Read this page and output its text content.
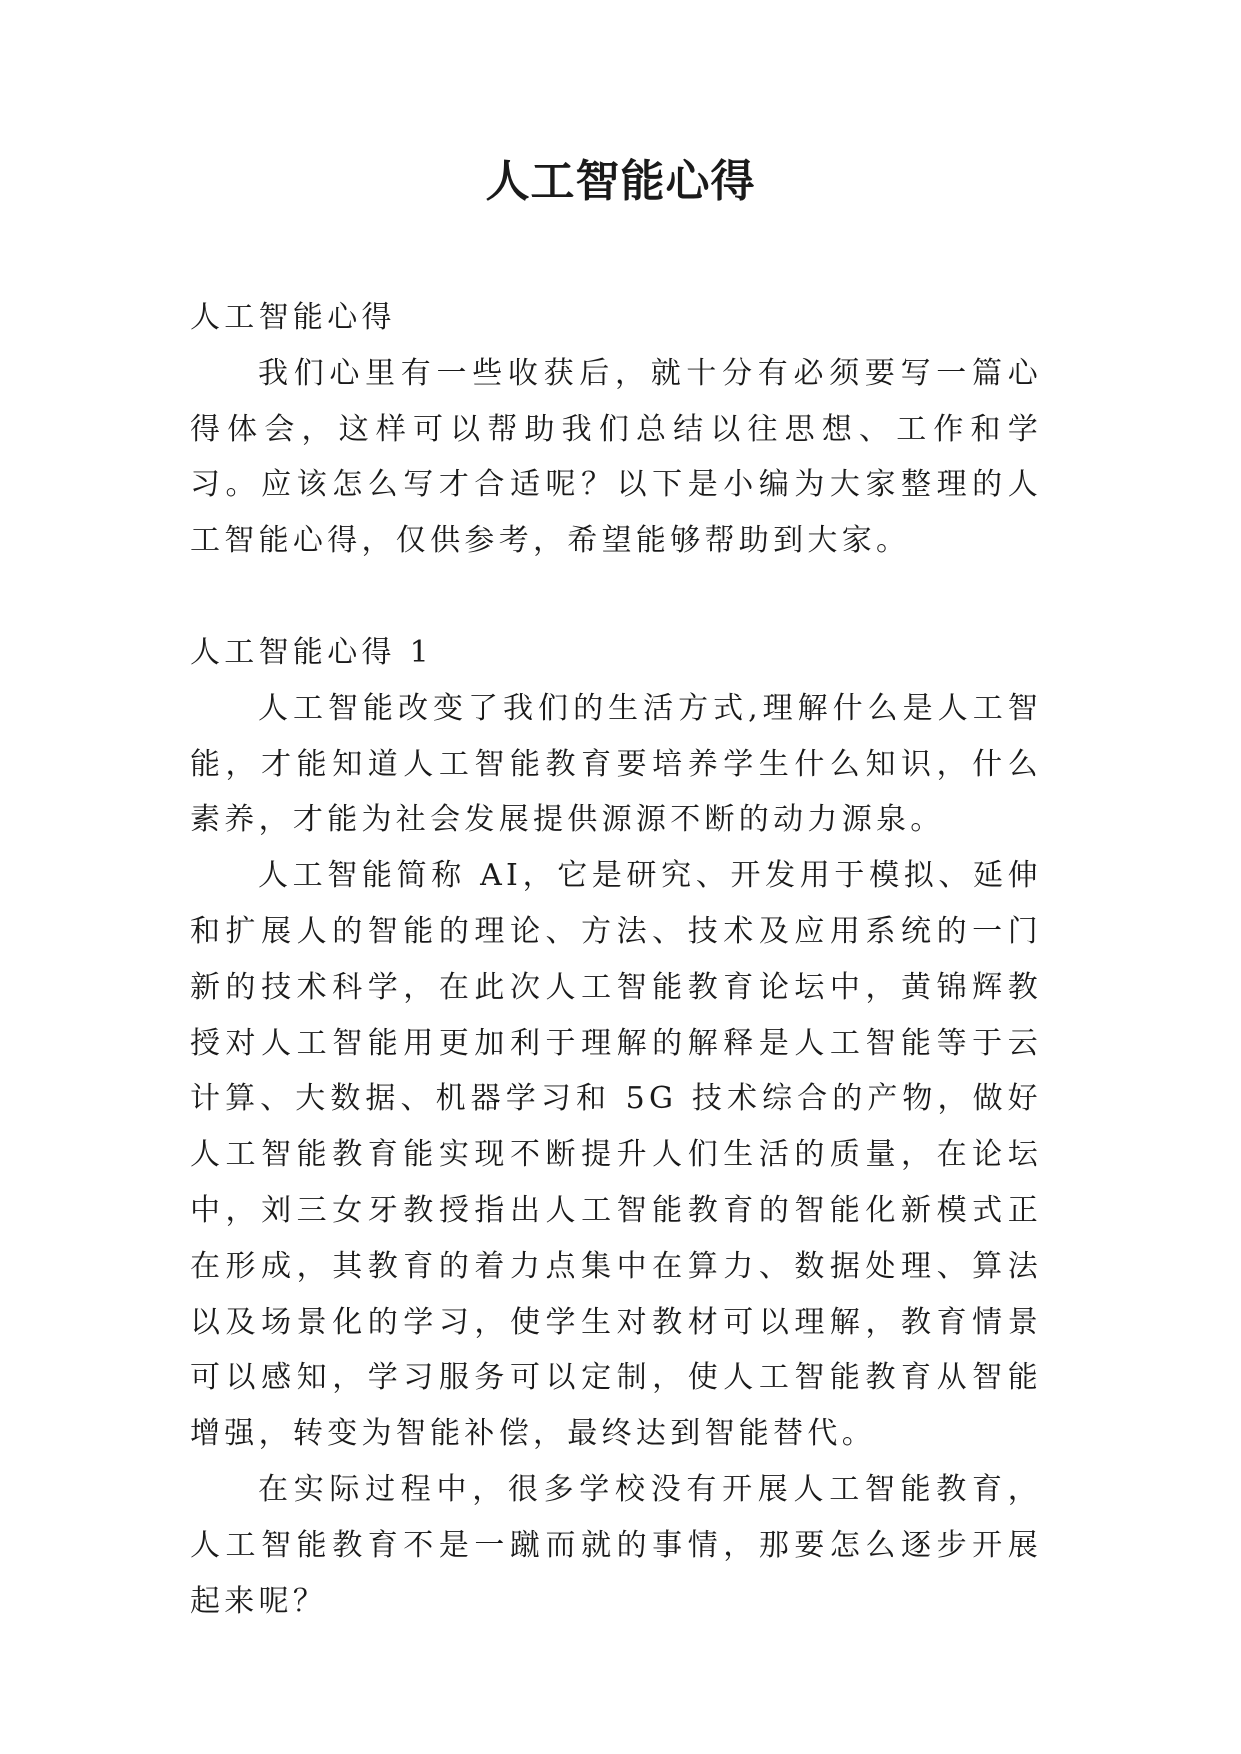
人工智能心得

人工智能心得

我们心里有一些收获后，就十分有必须要写一篇心得体会，这样可以帮助我们总结以往思想、工作和学习。应该怎么写才合适呢？以下是小编为大家整理的人工智能心得，仅供参考，希望能够帮助到大家。

人工智能心得 1

人工智能改变了我们的生活方式,理解什么是人工智能，才能知道人工智能教育要培养学生什么知识，什么素养，才能为社会发展提供源源不断的动力源泉。

人工智能简称 AI，它是研究、开发用于模拟、延伸和扩展人的智能的理论、方法、技术及应用系统的一门新的技术科学，在此次人工智能教育论坛中，黄锦辉教授对人工智能用更加利于理解的解释是人工智能等于云计算、大数据、机器学习和 5G 技术综合的产物，做好人工智能教育能实现不断提升人们生活的质量，在论坛中，刘三女牙教授指出人工智能教育的智能化新模式正在形成，其教育的着力点集中在算力、数据处理、算法以及场景化的学习，使学生对教材可以理解，教育情景可以感知，学习服务可以定制，使人工智能教育从智能增强，转变为智能补偿，最终达到智能替代。

在实际过程中，很多学校没有开展人工智能教育，人工智能教育不是一蹴而就的事情，那要怎么逐步开展起来呢？
